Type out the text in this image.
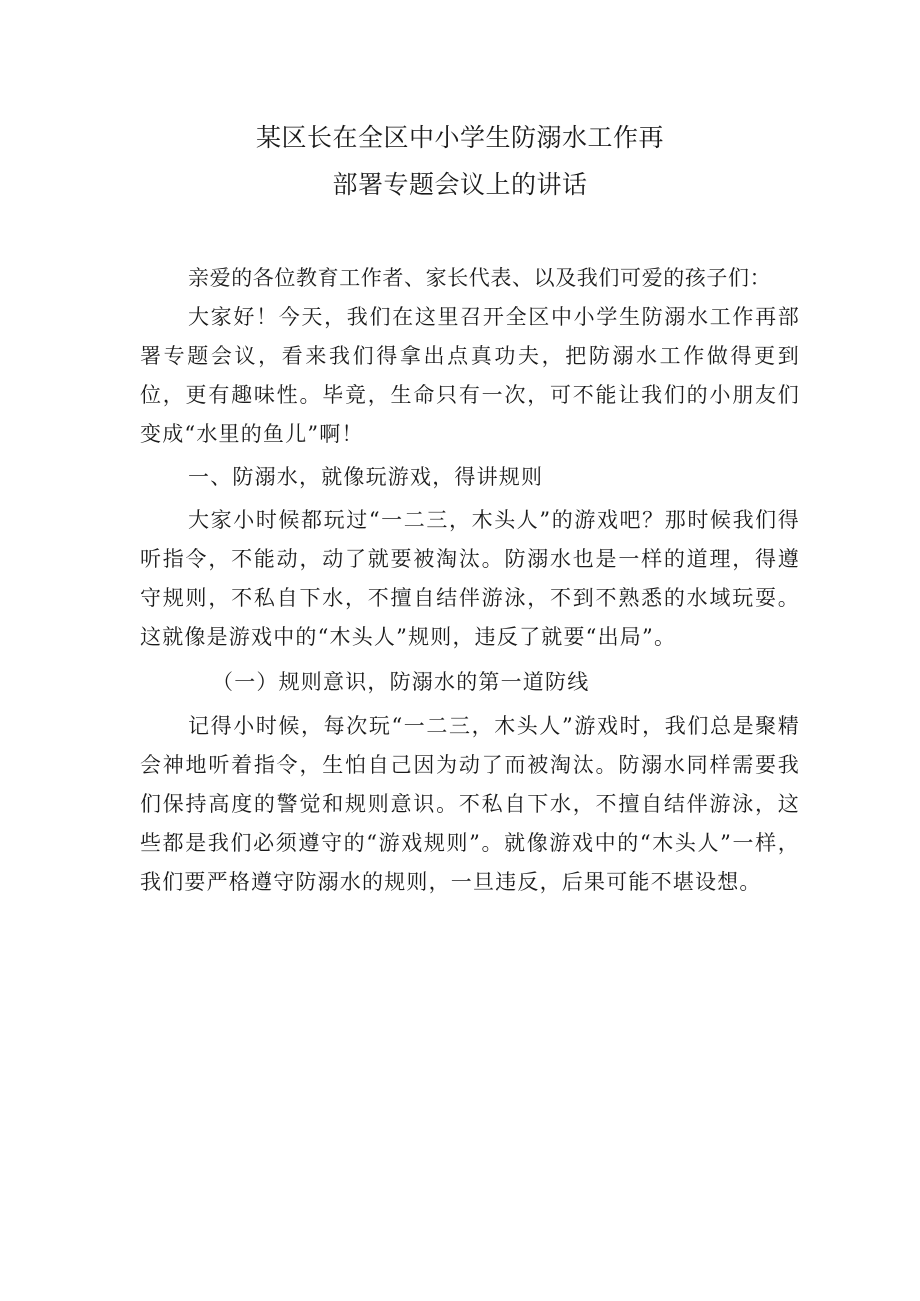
某区长在全区中小学生防溺水工作再
部署专题会议上的讲话

亲爱的各位教育工作者、家长代表、以及我们可爱的孩子们：

大家好！今天，我们在这里召开全区中小学生防溺水工作再部署专题会议，看来我们得拿出点真功夫，把防溺水工作做得更到位，更有趣味性。毕竟，生命只有一次，可不能让我们的小朋友们变成“水里的鱼儿”啊！

一、防溺水，就像玩游戏，得讲规则

大家小时候都玩过“一二三，木头人”的游戏吧？那时候我们得听指令，不能动，动了就要被淘汰。防溺水也是一样的道理，得遵守规则，不私自下水，不擅自结伴游泳，不到不熟悉的水域玩耍。这就像是游戏中的“木头人”规则，违反了就要“出局”。

（一）规则意识，防溺水的第一道防线

记得小时候，每次玩“一二三，木头人”游戏时，我们总是聚精会神地听着指令，生怕自己因为动了而被淘汰。防溺水同样需要我们保持高度的警觉和规则意识。不私自下水，不擅自结伴游泳，这些都是我们必须遵守的“游戏规则”。就像游戏中的“木头人”一样，我们要严格遵守防溺水的规则，一旦违反，后果可能不堪设想。
